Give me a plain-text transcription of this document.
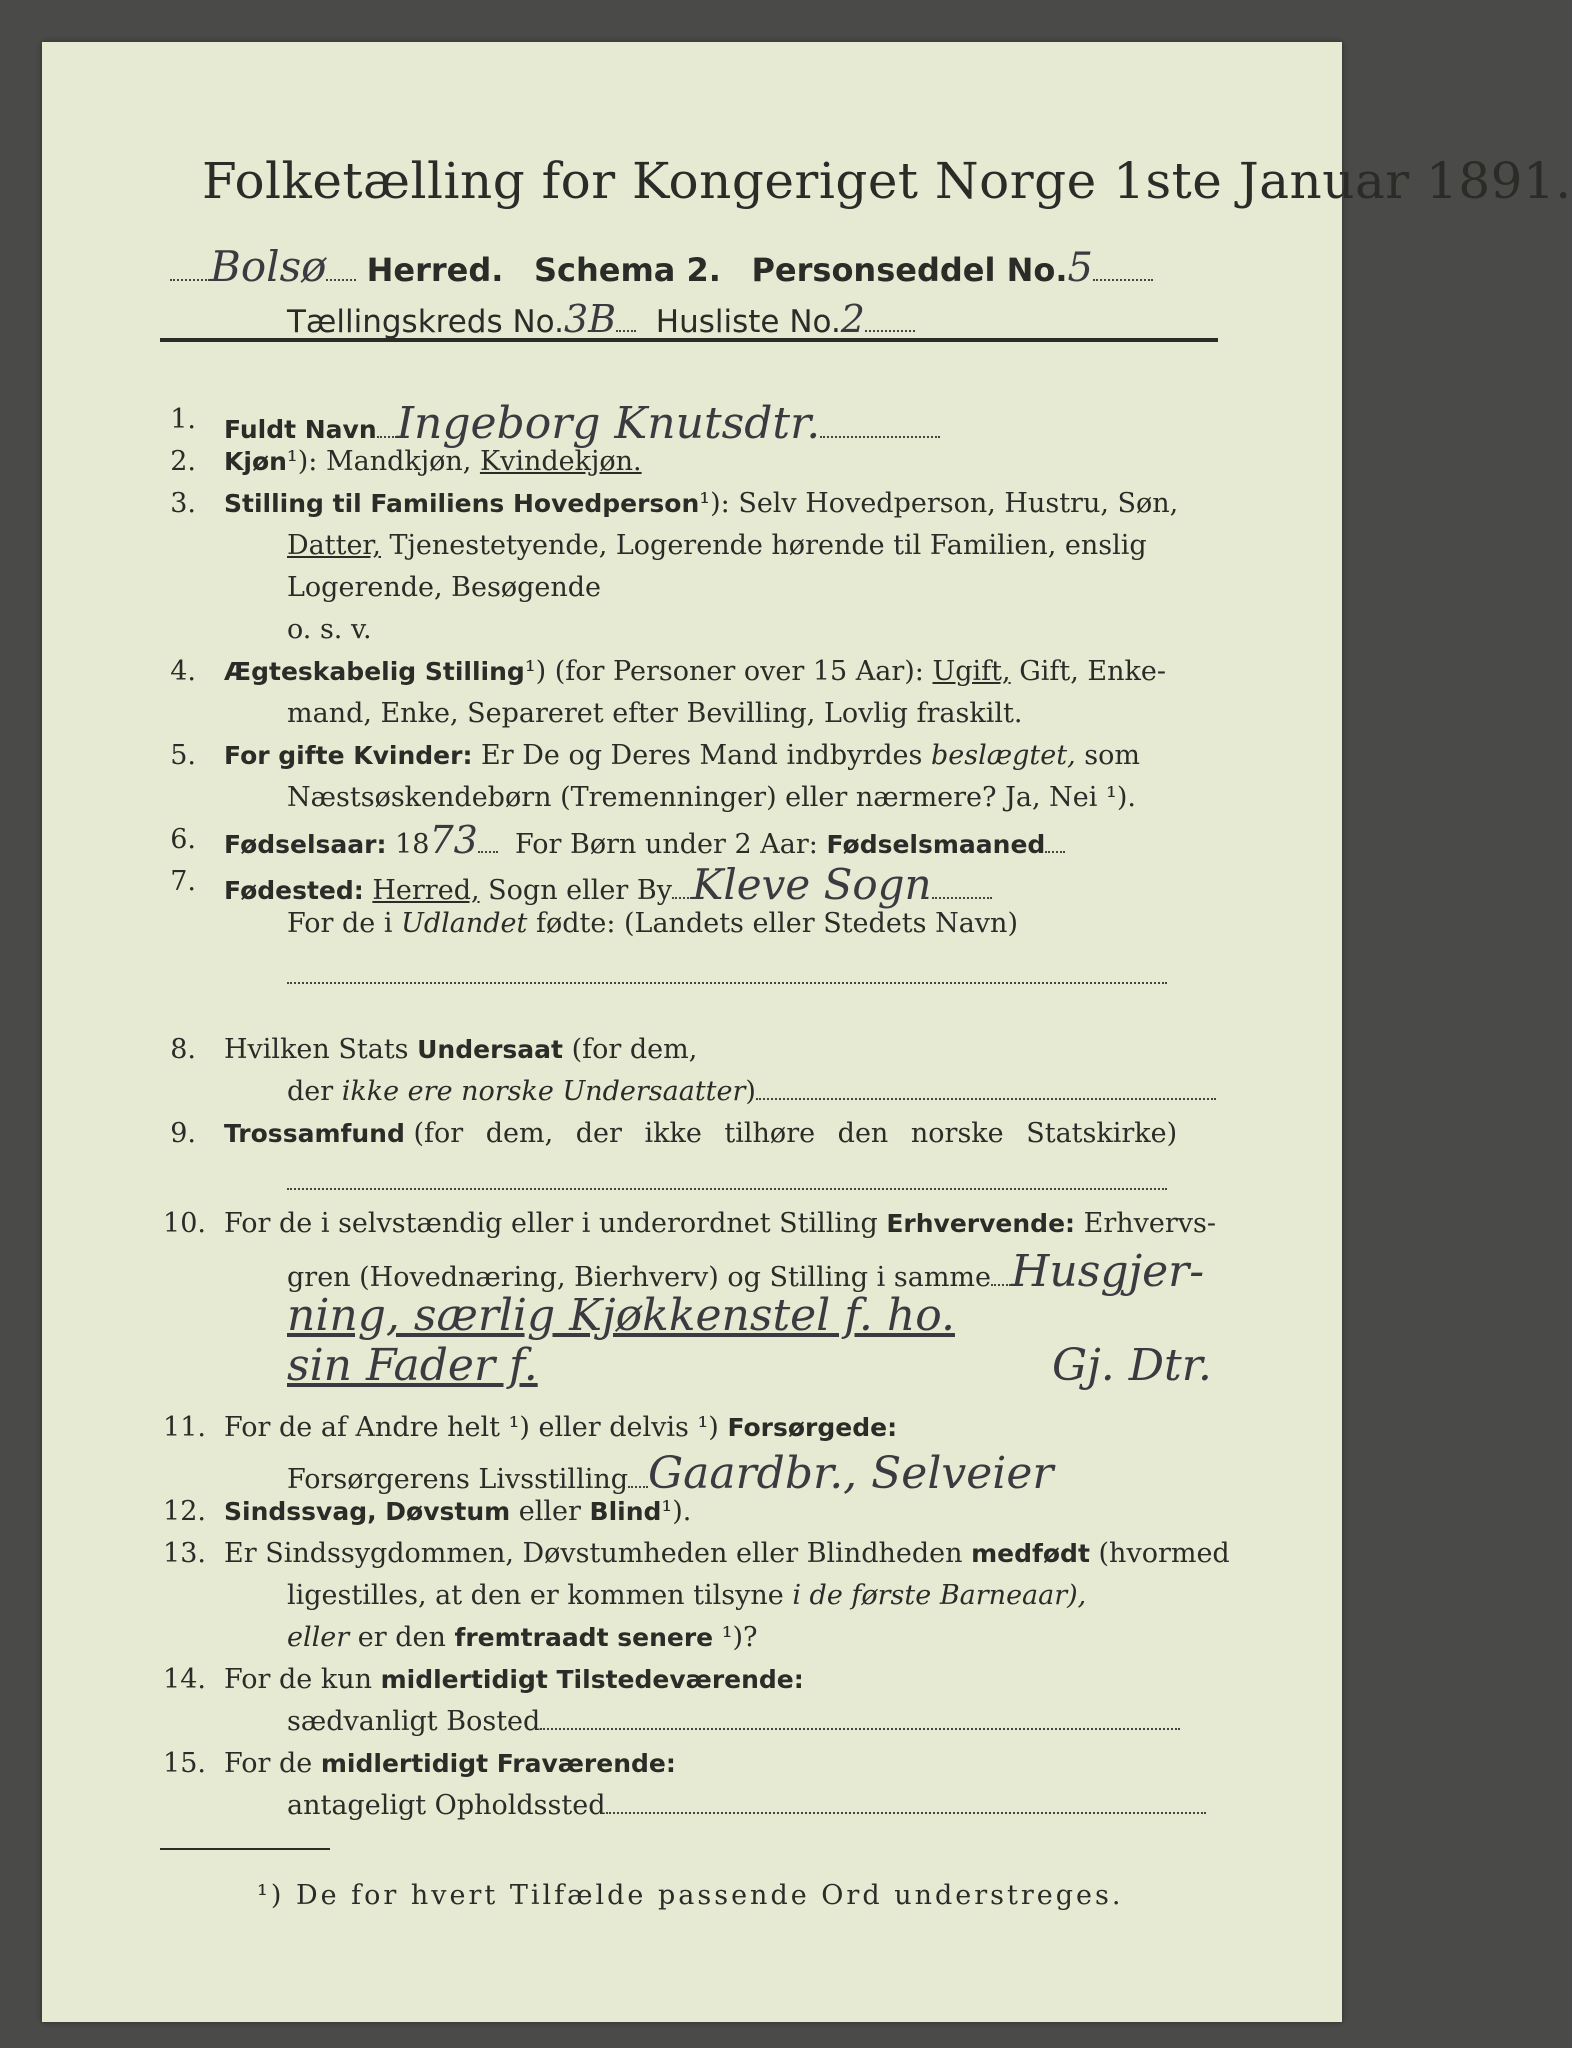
Folketælling for Kongeriget Norge 1ste Januar 1891.
Bolsø Herred. Schema 2. Personseddel No.5
Tællingskreds No.3B Husliste No.2
1. Fuldt Navn Ingeborg Knutsdtr.
2. Kjøn¹): Mandkjøn, Kvindekjøn.
3. Stilling til Familiens Hovedperson¹): Selv Hovedperson, Hustru, Søn,
Datter, Tjenestetyende, Logerende hørende til Familien, enslig
Logerende, Besøgende
o. s. v.
4. Ægteskabelig Stilling¹) (for Personer over 15 Aar): Ugift, Gift, Enke-
mand, Enke, Separeret efter Bevilling, Lovlig fraskilt.
5. For gifte Kvinder: Er De og Deres Mand indbyrdes beslægtet, som
Næstsøskendebørn (Tremenninger) eller nærmere? Ja, Nei ¹).
6. Fødselsaar: 1873 For Børn under 2 Aar: Fødselsmaaned
7. Fødested: Herred, Sogn eller By Kleve Sogn
For de i Udlandet fødte: (Landets eller Stedets Navn)
8. Hvilken Stats Undersaat (for dem,
der ikke ere norske Undersaatter)
9. Trossamfund (for dem, der ikke tilhøre den norske Statskirke)
10. For de i selvstændig eller i underordnet Stilling Erhvervende: Erhvervs-
gren (Hovednæring, Bierhverv) og Stilling i samme Husgjer-
ning, særlig Kjøkkenstel f. ho.
sin Fader f.	Gj. Dtr.
11. For de af Andre helt ¹) eller delvis ¹) Forsørgede:
Forsørgerens Livsstilling Gaardbr., Selveier
12. Sindssvag, Døvstum eller Blind¹).
13. Er Sindssygdommen, Døvstumheden eller Blindheden medfødt (hvormed
ligestilles, at den er kommen tilsyne i de første Barneaar),
eller er den fremtraadt senere ¹)?
14. For de kun midlertidigt Tilstedeværende:
sædvanligt Bosted
15. For de midlertidigt Fraværende:
¹) De for hvert Tilfælde passende Ord understreges.
antageligt Opholdssted
